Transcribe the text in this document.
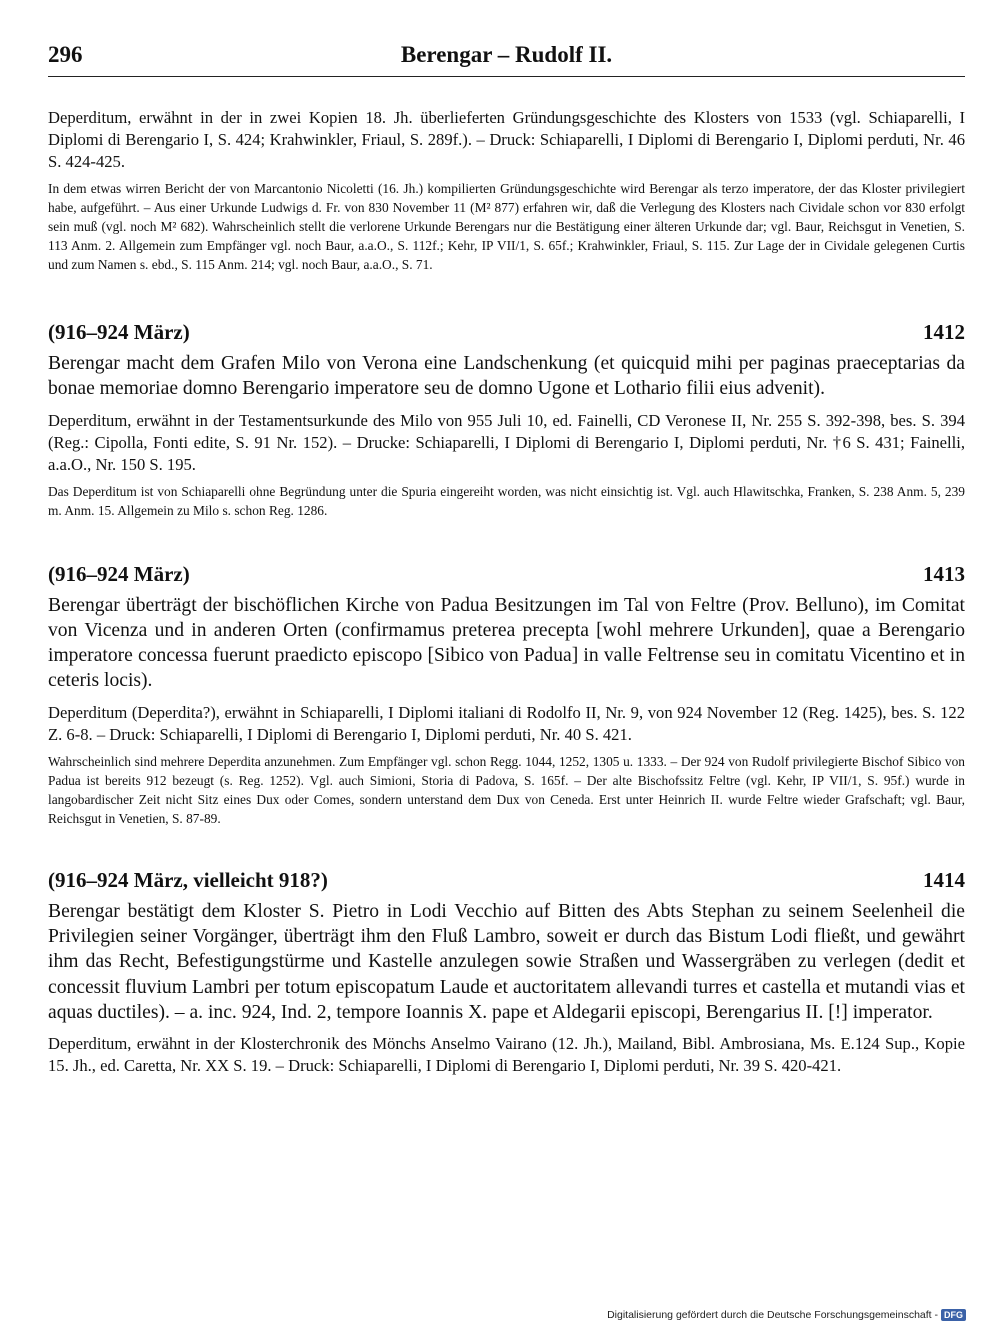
296	Berengar – Rudolf II.

Deperditum, erwähnt in der in zwei Kopien 18. Jh. überlieferten Gründungsgeschichte des Klosters von 1533 (vgl. Schiaparelli, I Diplomi di Berengario I, S. 424; Krahwinkler, Friaul, S. 289f.). – Druck: Schiaparelli, I Diplomi di Berengario I, Diplomi perduti, Nr. 46 S. 424-425.

In dem etwas wirren Bericht der von Marcantonio Nicoletti (16. Jh.) kompilierten Gründungsgeschichte wird Berengar als terzo imperatore, der das Kloster privilegiert habe, aufgeführt. – Aus einer Urkunde Ludwigs d. Fr. von 830 November 11 (M² 877) erfahren wir, daß die Verlegung des Klosters nach Cividale schon vor 830 erfolgt sein muß (vgl. noch M² 682). Wahrscheinlich stellt die verlorene Urkunde Berengars nur die Bestätigung einer älteren Urkunde dar; vgl. Baur, Reichsgut in Venetien, S. 113 Anm. 2. Allgemein zum Empfänger vgl. noch Baur, a.a.O., S. 112f.; Kehr, IP VII/1, S. 65f.; Krahwinkler, Friaul, S. 115. Zur Lage der in Cividale gelegenen Curtis und zum Namen s. ebd., S. 115 Anm. 214; vgl. noch Baur, a.a.O., S. 71.

(916–924 März)	1412

Berengar macht dem Grafen Milo von Verona eine Landschenkung (et quicquid mihi per paginas praeceptarias da bonae memoriae domno Berengario imperatore seu de domno Ugone et Lothario filii eius advenit).

Deperditum, erwähnt in der Testamentsurkunde des Milo von 955 Juli 10, ed. Fainelli, CD Veronese II, Nr. 255 S. 392-398, bes. S. 394 (Reg.: Cipolla, Fonti edite, S. 91 Nr. 152). – Drucke: Schiaparelli, I Diplomi di Berengario I, Diplomi perduti, Nr. †6 S. 431; Fainelli, a.a.O., Nr. 150 S. 195.

Das Deperditum ist von Schiaparelli ohne Begründung unter die Spuria eingereiht worden, was nicht einsichtig ist. Vgl. auch Hlawitschka, Franken, S. 238 Anm. 5, 239 m. Anm. 15. Allgemein zu Milo s. schon Reg. 1286.

(916–924 März)	1413

Berengar überträgt der bischöflichen Kirche von Padua Besitzungen im Tal von Feltre (Prov. Belluno), im Comitat von Vicenza und in anderen Orten (confirmamus preterea precepta [wohl mehrere Urkunden], quae a Berengario imperatore concessa fuerunt praedicto episcopo [Sibico von Padua] in valle Feltrense seu in comitatu Vicentino et in ceteris locis).

Deperditum (Deperdita?), erwähnt in Schiaparelli, I Diplomi italiani di Rodolfo II, Nr. 9, von 924 November 12 (Reg. 1425), bes. S. 122 Z. 6-8. – Druck: Schiaparelli, I Diplomi di Berengario I, Diplomi perduti, Nr. 40 S. 421.

Wahrscheinlich sind mehrere Deperdita anzunehmen. Zum Empfänger vgl. schon Regg. 1044, 1252, 1305 u. 1333. – Der 924 von Rudolf privilegierte Bischof Sibico von Padua ist bereits 912 bezeugt (s. Reg. 1252). Vgl. auch Simioni, Storia di Padova, S. 165f. – Der alte Bischofssitz Feltre (vgl. Kehr, IP VII/1, S. 95f.) wurde in langobardischer Zeit nicht Sitz eines Dux oder Comes, sondern unterstand dem Dux von Ceneda. Erst unter Heinrich II. wurde Feltre wieder Grafschaft; vgl. Baur, Reichsgut in Venetien, S. 87-89.

(916–924 März, vielleicht 918?)	1414

Berengar bestätigt dem Kloster S. Pietro in Lodi Vecchio auf Bitten des Abts Stephan zu seinem Seelenheil die Privilegien seiner Vorgänger, überträgt ihm den Fluß Lambro, soweit er durch das Bistum Lodi fließt, und gewährt ihm das Recht, Befestigungstürme und Kastelle anzulegen sowie Straßen und Wassergräben zu verlegen (dedit et concessit fluvium Lambri per totum episcopatum Laude et auctoritatem allevandi turres et castella et mutandi vias et aquas ductiles). – a. inc. 924, Ind. 2, tempore Ioannis X. pape et Aldegarii episcopi, Berengarius II. [!] imperator.

Deperditum, erwähnt in der Klosterchronik des Mönchs Anselmo Vairano (12. Jh.), Mailand, Bibl. Ambrosiana, Ms. E.124 Sup., Kopie 15. Jh., ed. Caretta, Nr. XX S. 19. – Druck: Schiaparelli, I Diplomi di Berengario I, Diplomi perduti, Nr. 39 S. 420-421.

Digitalisierung gefördert durch die Deutsche Forschungsgemeinschaft - DFG
